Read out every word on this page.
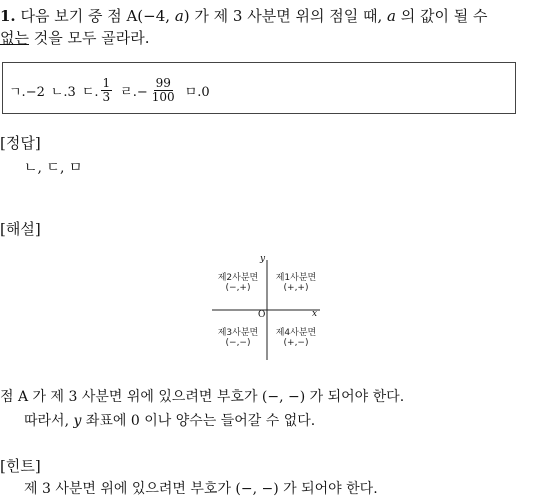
1. 다음 보기 중 점 A(−4, a) 가 제 3 사분면 위의 점일 때, a 의 값이 될 수
없는 것을 모두 골라라.
ㄱ.−2 ㄴ.3 ㄷ. $\frac{1}{3}$ ㄹ.− $\frac{99}{100}$ ㅁ.0
[정답]
ㄴ, ㄷ, ㅁ
[해설]
y
x
O
제2사분면
(−,+)
제1사분면
(+,+)
제3사분면
(−,−)
제4사분면
(+,−)
점 A 가 제 3 사분면 위에 있으려면 부호가 (−, −) 가 되어야 한다.
따라서, y 좌표에 0 이나 양수는 들어갈 수 없다.
[힌트]
제 3 사분면 위에 있으려면 부호가 (−, −) 가 되어야 한다.
